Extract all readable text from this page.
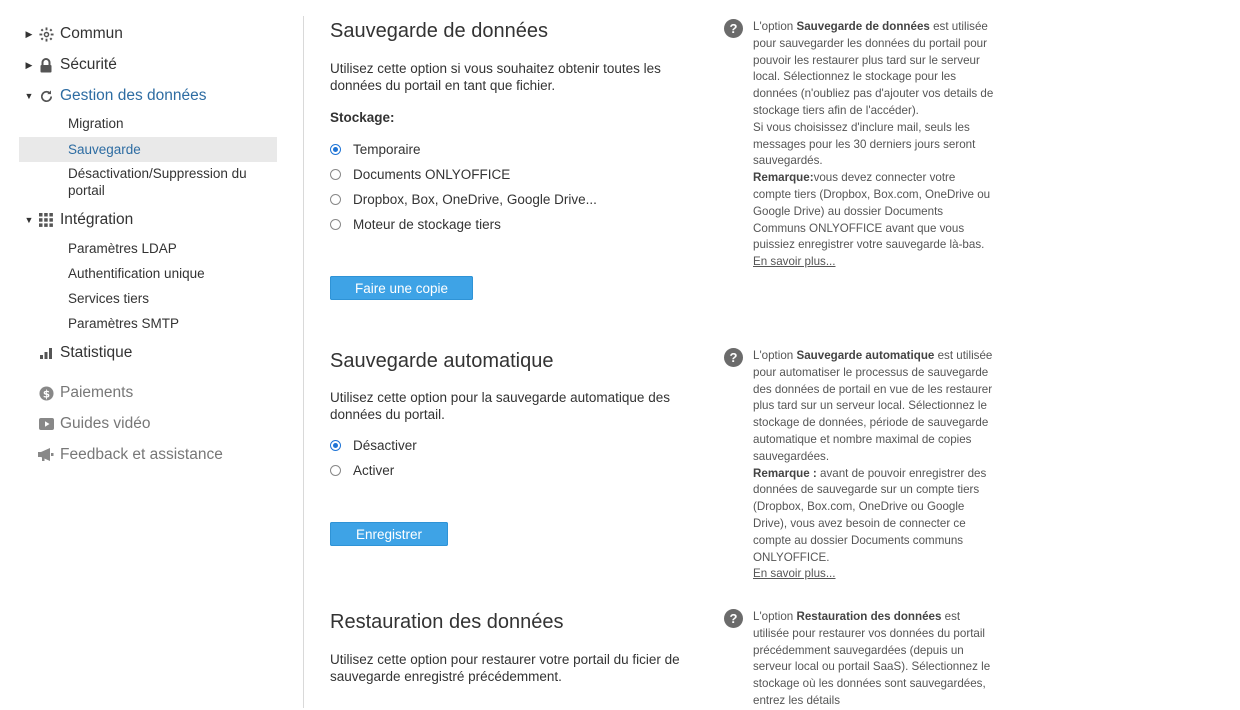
▶ Commun
▶ Sécurité
▼ Gestion des données
Migration
Sauvegarde
Désactivation/Suppression du portail
▼ Intégration
Paramètres LDAP
Authentification unique
Services tiers
Paramètres SMTP
Statistique
$ Paiements
Guides vidéo
Feedback et assistance
Sauvegarde de données
Utilisez cette option si vous souhaitez obtenir toutes les données du portail en tant que fichier.
Stockage:
Temporaire
Documents ONLYOFFICE
Dropbox, Box, OneDrive, Google Drive...
Moteur de stockage tiers
Faire une copie
Sauvegarde automatique
Utilisez cette option pour la sauvegarde automatique des données du portail.
Désactiver
Activer
Enregistrer
Restauration des données
Utilisez cette option pour restaurer votre portail du ficier de sauvegarde enregistré précédemment.
?	L'option Sauvegarde de données est utilisée pour sauvegarder les données du portail pour pouvoir les restaurer plus tard sur le serveur local. Sélectionnez le stockage pour les données (n'oubliez pas d'ajouter vos details de stockage tiers afin de l'accéder).
Si vous choisissez d'inclure mail, seuls les messages pour les 30 derniers jours seront sauvegardés.
Remarque:vous devez connecter votre compte tiers (Dropbox, Box.com, OneDrive ou Google Drive) au dossier Documents Communs ONLYOFFICE avant que vous puissiez enregistrer votre sauvegarde là-bas.
En savoir plus...
?	L'option Sauvegarde automatique est utilisée pour automatiser le processus de sauvegarde des données de portail en vue de les restaurer plus tard sur un serveur local. Sélectionnez le stockage de données, période de sauvegarde automatique et nombre maximal de copies sauvegardées.
Remarque : avant de pouvoir enregistrer des données de sauvegarde sur un compte tiers (Dropbox, Box.com, OneDrive ou Google Drive), vous avez besoin de connecter ce compte au dossier Documents communs ONLYOFFICE.
En savoir plus...
?	L'option Restauration des données est utilisée pour restaurer vos données du portail précédemment sauvegardées (depuis un serveur local ou portail SaaS). Sélectionnez le stockage où les données sont sauvegardées, entrez les détails
